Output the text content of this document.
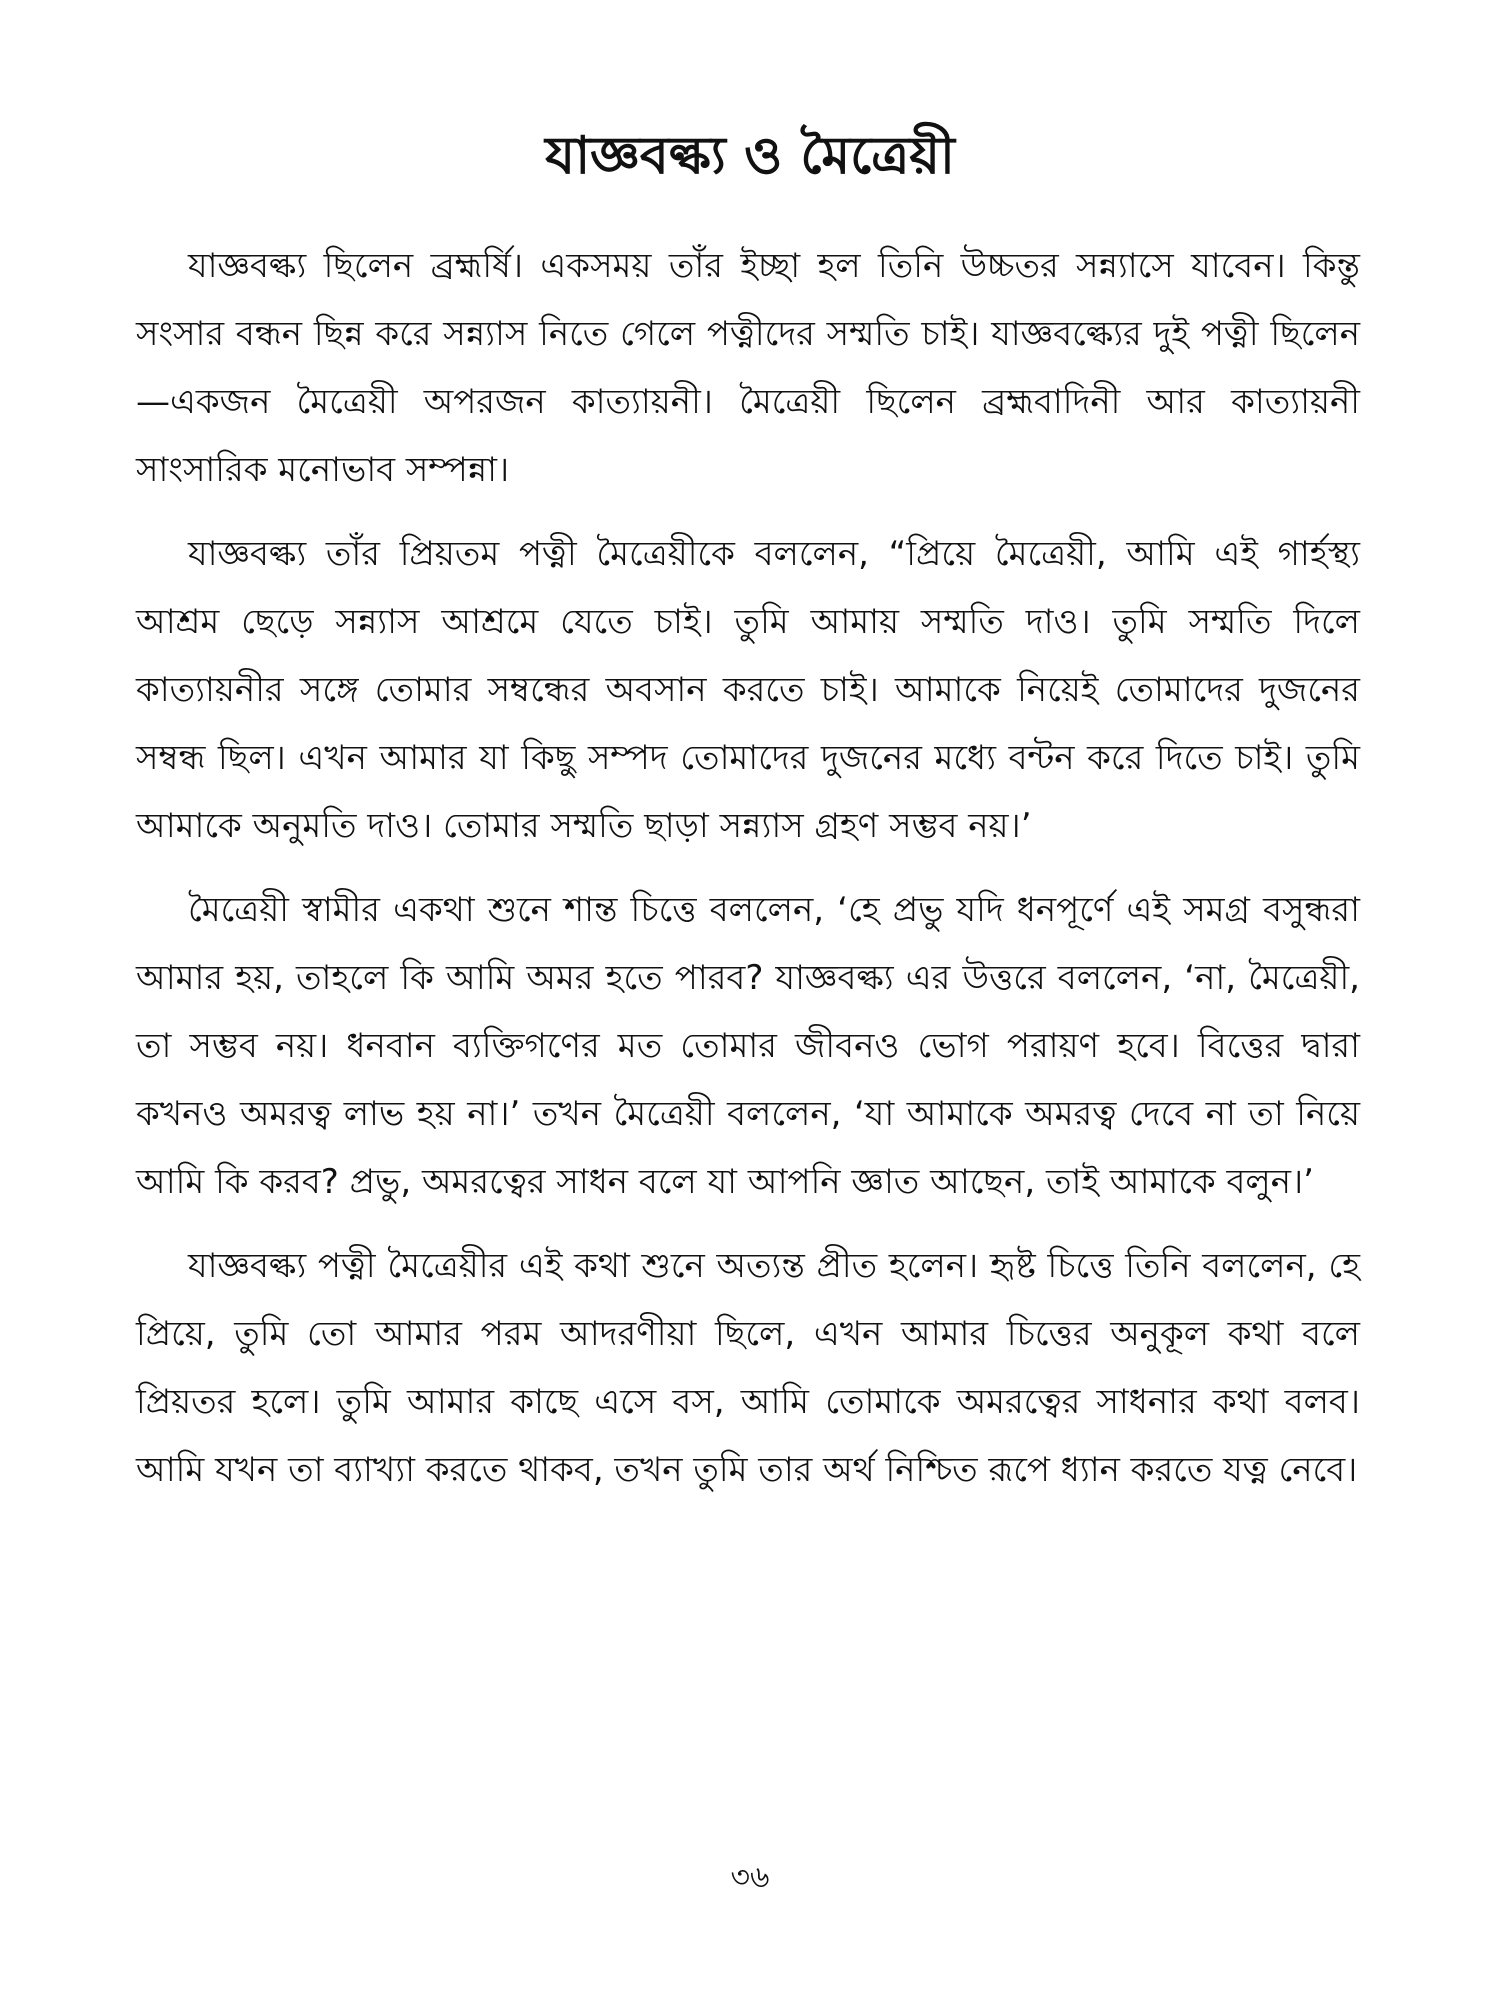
যাজ্ঞবল্ক্য ও মৈত্রেয়ী

যাজ্ঞবল্ক্য ছিলেন ব্রহ্মর্ষি। একসময় তাঁর ইচ্ছা হল তিনি উচ্চতর সন্ন্যাসে যাবেন। কিন্তু সংসার বন্ধন ছিন্ন করে সন্ন্যাস নিতে গেলে পত্নীদের সম্মতি চাই। যাজ্ঞবল্ক্যের দুই পত্নী ছিলেন—একজন মৈত্রেয়ী অপরজন কাত্যায়নী। মৈত্রেয়ী ছিলেন ব্রহ্মবাদিনী আর কাত্যায়নী সাংসারিক মনোভাব সম্পন্না।

যাজ্ঞবল্ক্য তাঁর প্রিয়তম পত্নী মৈত্রেয়ীকে বললেন, “প্রিয়ে মৈত্রেয়ী, আমি এই গার্হস্থ্য আশ্রম ছেড়ে সন্ন্যাস আশ্রমে যেতে চাই। তুমি আমায় সম্মতি দাও। তুমি সম্মতি দিলে কাত্যায়নীর সঙ্গে তোমার সম্বন্ধের অবসান করতে চাই। আমাকে নিয়েই তোমাদের দুজনের সম্বন্ধ ছিল। এখন আমার যা কিছু সম্পদ তোমাদের দুজনের মধ্যে বন্টন করে দিতে চাই। তুমি আমাকে অনুমতি দাও। তোমার সম্মতি ছাড়া সন্ন্যাস গ্রহণ সম্ভব নয়।’

মৈত্রেয়ী স্বামীর একথা শুনে শান্ত চিত্তে বললেন, ‘হে প্রভু যদি ধনপূর্ণে এই সমগ্র বসুন্ধরা আমার হয়, তাহলে কি আমি অমর হতে পারব? যাজ্ঞবল্ক্য এর উত্তরে বললেন, ‘না, মৈত্রেয়ী, তা সম্ভব নয়। ধনবান ব্যক্তিগণের মত তোমার জীবনও ভোগ পরায়ণ হবে। বিত্তের দ্বারা কখনও অমরত্ব লাভ হয় না।’ তখন মৈত্রেয়ী বললেন, ‘যা আমাকে অমরত্ব দেবে না তা নিয়ে আমি কি করব? প্রভু, অমরত্বের সাধন বলে যা আপনি জ্ঞাত আছেন, তাই আমাকে বলুন।’

যাজ্ঞবল্ক্য পত্নী মৈত্রেয়ীর এই কথা শুনে অত্যন্ত প্রীত হলেন। হৃষ্ট চিত্তে তিনি বললেন, হে প্রিয়ে, তুমি তো আমার পরম আদরণীয়া ছিলে, এখন আমার চিত্তের অনুকূল কথা বলে প্রিয়তর হলে। তুমি আমার কাছে এসে বস, আমি তোমাকে অমরত্বের সাধনার কথা বলব। আমি যখন তা ব্যাখ্যা করতে থাকব, তখন তুমি তার অর্থ নিশ্চিত রূপে ধ্যান করতে যত্ন নেবে।

৩৬
